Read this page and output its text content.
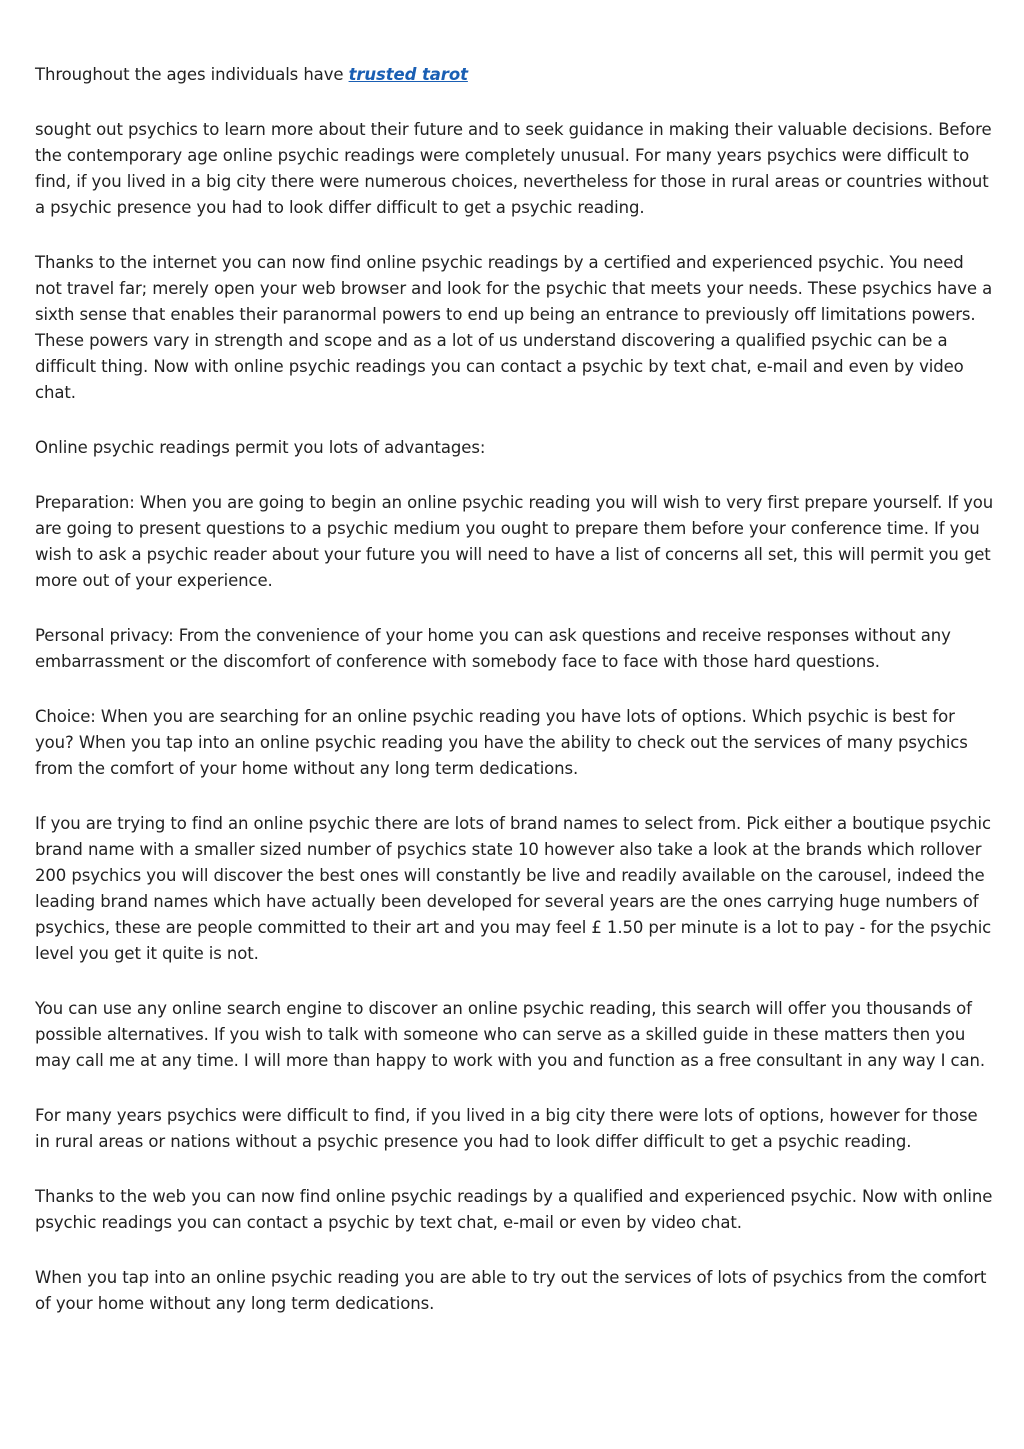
Throughout the ages individuals have trusted tarot

sought out psychics to learn more about their future and to seek guidance in making their valuable decisions. Before the contemporary age online psychic readings were completely unusual. For many years psychics were difficult to find, if you lived in a big city there were numerous choices, nevertheless for those in rural areas or countries without a psychic presence you had to look differ difficult to get a psychic reading.

Thanks to the internet you can now find online psychic readings by a certified and experienced psychic. You need not travel far; merely open your web browser and look for the psychic that meets your needs. These psychics have a sixth sense that enables their paranormal powers to end up being an entrance to previously off limitations powers. These powers vary in strength and scope and as a lot of us understand discovering a qualified psychic can be a difficult thing. Now with online psychic readings you can contact a psychic by text chat, e-mail and even by video chat.

Online psychic readings permit you lots of advantages:

Preparation: When you are going to begin an online psychic reading you will wish to very first prepare yourself. If you are going to present questions to a psychic medium you ought to prepare them before your conference time. If you wish to ask a psychic reader about your future you will need to have a list of concerns all set, this will permit you get more out of your experience.

Personal privacy: From the convenience of your home you can ask questions and receive responses without any embarrassment or the discomfort of conference with somebody face to face with those hard questions.

Choice: When you are searching for an online psychic reading you have lots of options. Which psychic is best for you? When you tap into an online psychic reading you have the ability to check out the services of many psychics from the comfort of your home without any long term dedications.

If you are trying to find an online psychic there are lots of brand names to select from. Pick either a boutique psychic brand name with a smaller sized number of psychics state 10 however also take a look at the brands which rollover 200 psychics you will discover the best ones will constantly be live and readily available on the carousel, indeed the leading brand names which have actually been developed for several years are the ones carrying huge numbers of psychics, these are people committed to their art and you may feel £ 1.50 per minute is a lot to pay - for the psychic level you get it quite is not.

You can use any online search engine to discover an online psychic reading, this search will offer you thousands of possible alternatives. If you wish to talk with someone who can serve as a skilled guide in these matters then you may call me at any time. I will more than happy to work with you and function as a free consultant in any way I can.

For many years psychics were difficult to find, if you lived in a big city there were lots of options, however for those in rural areas or nations without a psychic presence you had to look differ difficult to get a psychic reading.

Thanks to the web you can now find online psychic readings by a qualified and experienced psychic. Now with online psychic readings you can contact a psychic by text chat, e-mail or even by video chat.

When you tap into an online psychic reading you are able to try out the services of lots of psychics from the comfort of your home without any long term dedications.
